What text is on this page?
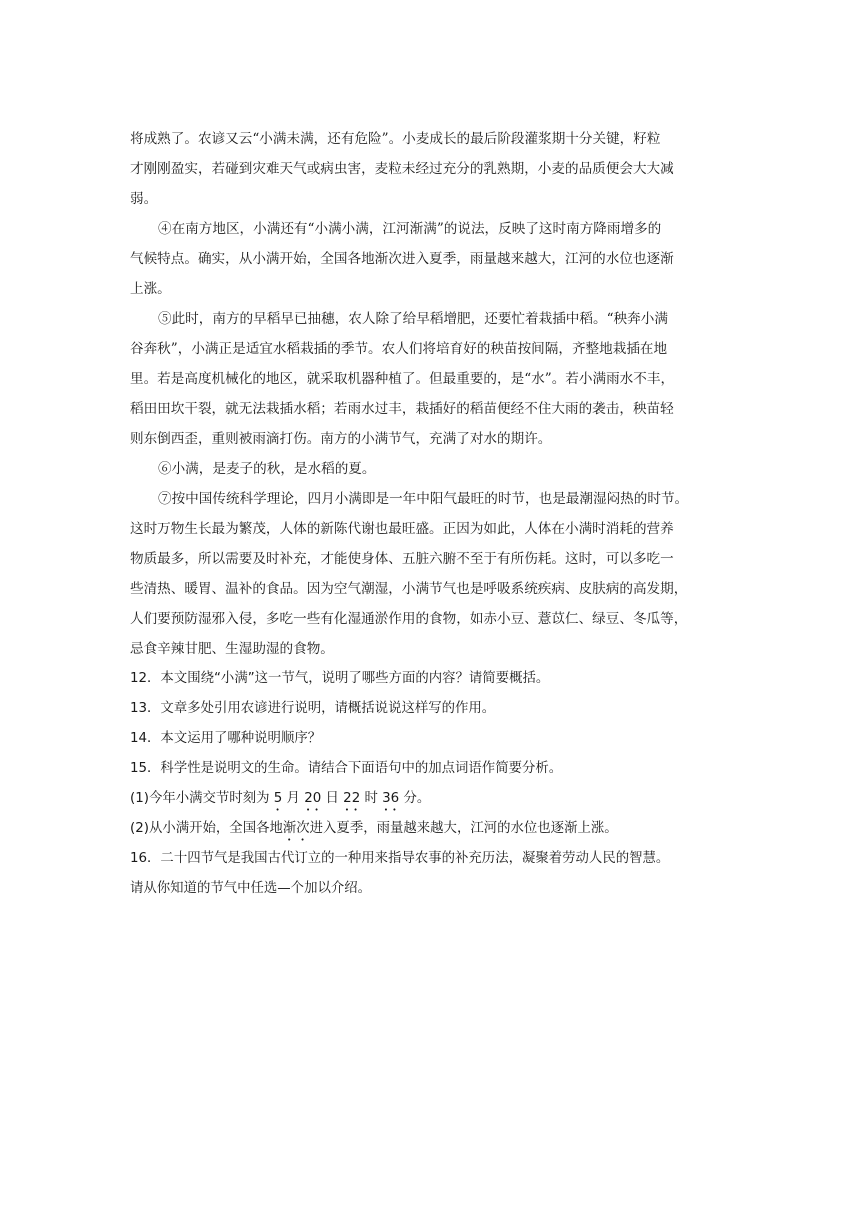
将成熟了。农谚又云“小满未满，还有危险”。小麦成长的最后阶段灌浆期十分关键，籽粒
才刚刚盈实，若碰到灾难天气或病虫害，麦粒未经过充分的乳熟期，小麦的品质便会大大减
弱。
④在南方地区，小满还有“小满小满，江河渐满”的说法，反映了这时南方降雨增多的
气候特点。确实，从小满开始，全国各地渐次进入夏季，雨量越来越大，江河的水位也逐渐
上涨。
⑤此时，南方的早稻早已抽穗，农人除了给早稻增肥，还要忙着栽插中稻。“秧奔小满
谷奔秋”，小满正是适宜水稻栽插的季节。农人们将培育好的秧苗按间隔，齐整地栽插在地
里。若是高度机械化的地区，就采取机器种植了。但最重要的，是“水”。若小满雨水不丰，
稻田田坎干裂，就无法栽插水稻；若雨水过丰，栽插好的稻苗便经不住大雨的袭击，秧苗轻
则东倒西歪，重则被雨滴打伤。南方的小满节气，充满了对水的期许。
⑥小满，是麦子的秋，是水稻的夏。
⑦按中国传统科学理论，四月小满即是一年中阳气最旺的时节，也是最潮湿闷热的时节。
这时万物生长最为繁茂，人体的新陈代谢也最旺盛。正因为如此，人体在小满时消耗的营养
物质最多，所以需要及时补充，才能使身体、五脏六腑不至于有所伤耗。这时，可以多吃一
些清热、暖胃、温补的食品。因为空气潮湿，小满节气也是呼吸系统疾病、皮肤病的高发期，
人们要预防湿邪入侵，多吃一些有化湿通淤作用的食物，如赤小豆、薏苡仁、绿豆、冬瓜等，
忌食辛辣甘肥、生湿助湿的食物。
12．本文围绕“小满”这一节气，说明了哪些方面的内容？请简要概括。
13．文章多处引用农谚进行说明，请概括说说这样写的作用。
14．本文运用了哪种说明顺序？
15．科学性是说明文的生命。请结合下面语句中的加点词语作简要分析。
(1)今年小满交节时刻为 5 月 20 日 22 时 36 分。
(2)从小满开始，全国各地渐次进入夏季，雨量越来越大，江河的水位也逐渐上涨。
16．二十四节气是我国古代订立的一种用来指导农事的补充历法，凝聚着劳动人民的智慧。
请从你知道的节气中任选—个加以介绍。
